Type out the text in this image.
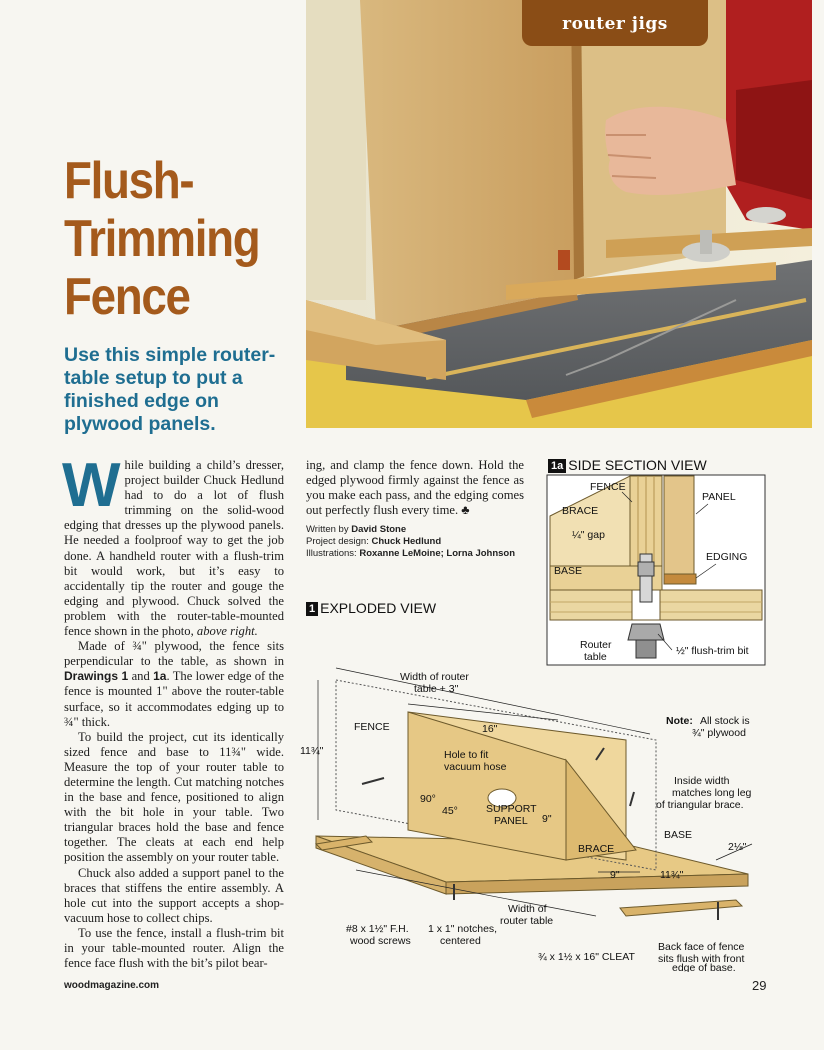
router jigs
Flush-
Trimming
Fence
Use this simple router-table setup to put a finished edge on plywood panels.

While building a child’s dresser, project builder Chuck Hedlund had to do a lot of flush trimming on the solid-wood edging that dresses up the plywood panels. He needed a foolproof way to get the job done. A handheld router with a flush-trim bit would work, but it’s easy to accidentally tip the router and gouge the edging and plywood. Chuck solved the problem with the router-table-mounted fence shown in the photo, above right.

Made of ¾" plywood, the fence sits perpendicular to the table, as shown in Drawings 1 and 1a. The lower edge of the fence is mounted 1" above the router-table surface, so it accommodates edging up to ¾" thick.

To build the project, cut its identically sized fence and base to 11¾" wide. Measure the top of your router table to determine the length. Cut matching notches in the base and fence, positioned to align with the bit hole in your table. Two triangular braces hold the base and fence together. The cleats at each end help position the assembly on your router table.

Chuck also added a support panel to the braces that stiffens the entire assembly. A hole cut into the support accepts a shop-vacuum hose to collect chips.

To use the fence, install a flush-trim bit in your table-mounted router. Align the fence face flush with the bit’s pilot bear-

ing, and clamp the fence down. Hold the edged plywood firmly against the fence as you make each pass, and the edging comes out perfectly flush every time. ♣

Written by David Stone
Project design: Chuck Hedlund
Illustrations: Roxanne LeMoine; Lorna Johnson
1a SIDE SECTION VIEW
FENCE
PANEL
BRACE
¼" gap
EDGING
BASE
Router
table	½" flush-trim bit
1 EXPLODED VIEW
Width of router
table + 3"
FENCE
11¾"
16"
Hole to fit
vacuum hose
90°
45°	SUPPORT
PANEL 9"
BRACE
9"	11¾"
Note: All stock is
¾" plywood
Inside width
matches long leg
of triangular brace.
BASE
2⅛"
Width of
router table
#8 x 1½" F.H.
wood screws
1 x 1" notches,
centered
¾ x 1½ x 16" CLEAT
Back face of fence
sits flush with front
edge of base.
woodmagazine.com	29
